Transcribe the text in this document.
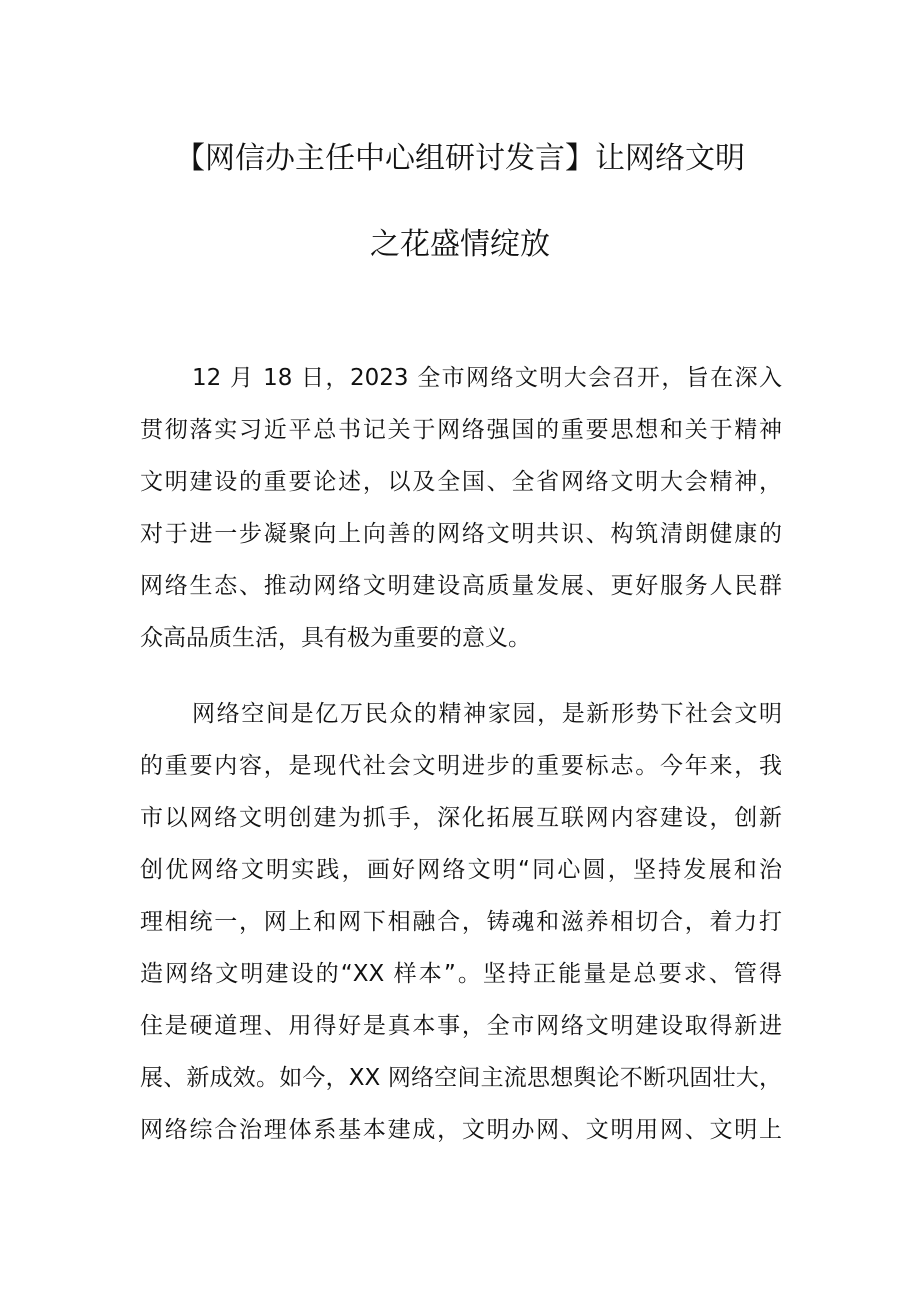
【网信办主任中心组研讨发言】让网络文明
之花盛情绽放
12 月 18 日，2023 全市网络文明大会召开，旨在深入
贯彻落实习近平总书记关于网络强国的重要思想和关于精神
文明建设的重要论述，以及全国、全省网络文明大会精神，
对于进一步凝聚向上向善的网络文明共识、构筑清朗健康的
网络生态、推动网络文明建设高质量发展、更好服务人民群
众高品质生活，具有极为重要的意义。
网络空间是亿万民众的精神家园，是新形势下社会文明
的重要内容，是现代社会文明进步的重要标志。今年来，我
市以网络文明创建为抓手，深化拓展互联网内容建设，创新
创优网络文明实践，画好网络文明“同心圆，坚持发展和治
理相统一，网上和网下相融合，铸魂和滋养相切合，着力打
造网络文明建设的“XX 样本”。坚持正能量是总要求、管得
住是硬道理、用得好是真本事，全市网络文明建设取得新进
展、新成效。如今，XX 网络空间主流思想舆论不断巩固壮大，
网络综合治理体系基本建成，文明办网、文明用网、文明上
